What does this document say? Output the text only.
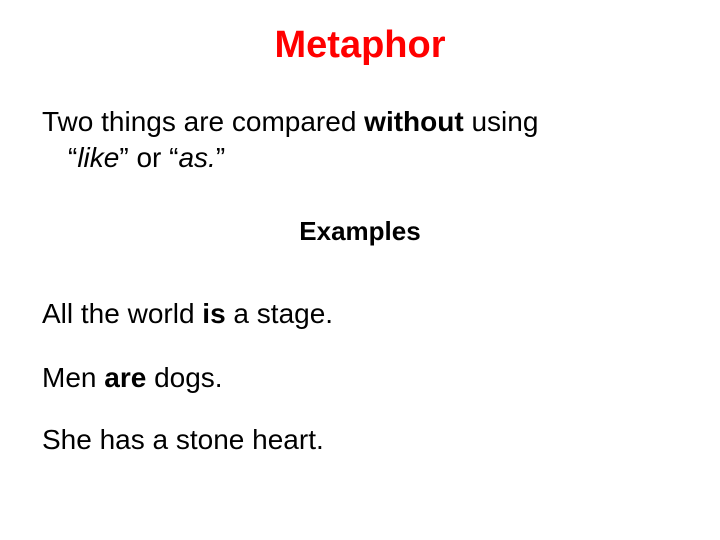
Metaphor
Two things are compared without using
“like” or “as.”
Examples
All the world is a stage.
Men are dogs.
She has a stone heart.
